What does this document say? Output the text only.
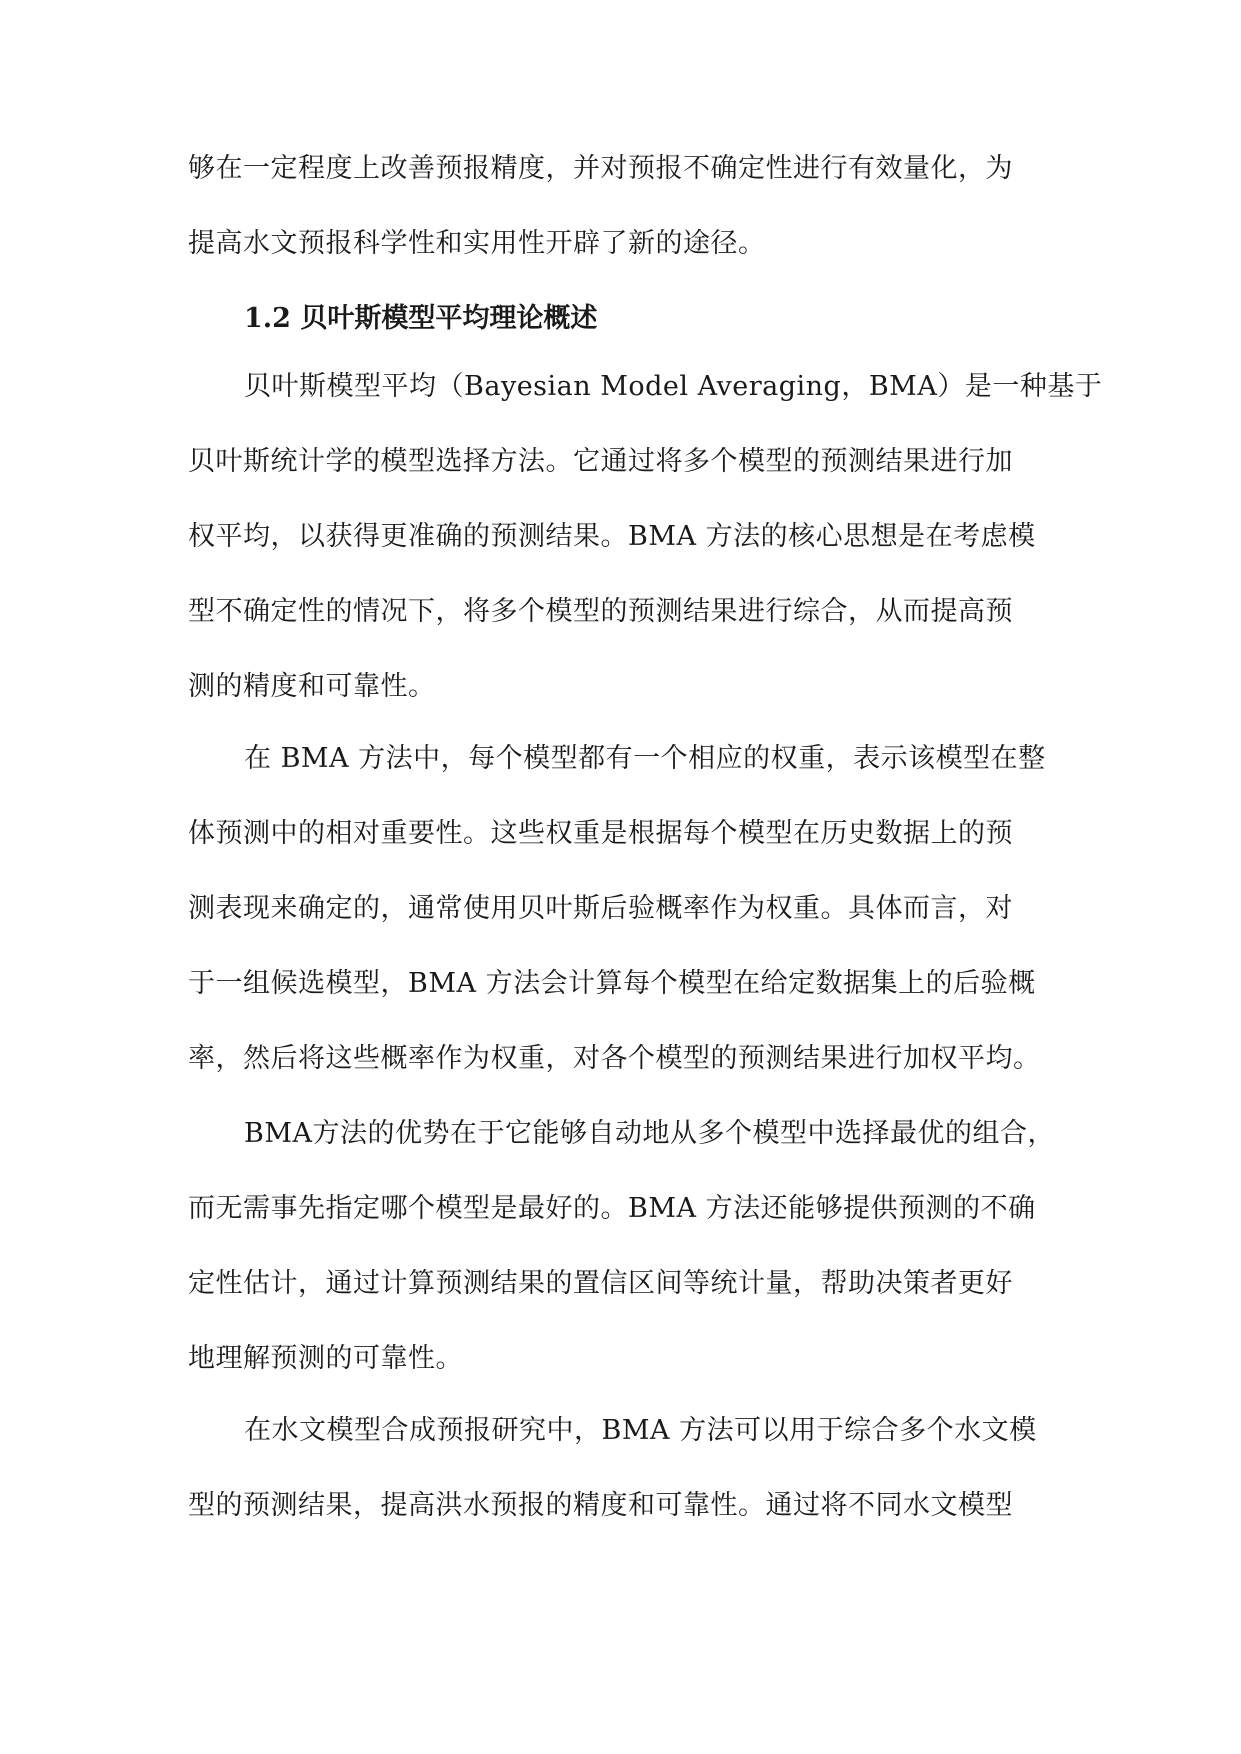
够在一定程度上改善预报精度，并对预报不确定性进行有效量化，为
提高水文预报科学性和实用性开辟了新的途径。
1.2 贝叶斯模型平均理论概述
贝叶斯模型平均（Bayesian Model Averaging，BMA）是一种基于
贝叶斯统计学的模型选择方法。它通过将多个模型的预测结果进行加
权平均，以获得更准确的预测结果。BMA 方法的核心思想是在考虑模
型不确定性的情况下，将多个模型的预测结果进行综合，从而提高预
测的精度和可靠性。
在 BMA 方法中，每个模型都有一个相应的权重，表示该模型在整
体预测中的相对重要性。这些权重是根据每个模型在历史数据上的预
测表现来确定的，通常使用贝叶斯后验概率作为权重。具体而言，对
于一组候选模型，BMA 方法会计算每个模型在给定数据集上的后验概
率，然后将这些概率作为权重，对各个模型的预测结果进行加权平均。
BMA方法的优势在于它能够自动地从多个模型中选择最优的组合，
而无需事先指定哪个模型是最好的。BMA 方法还能够提供预测的不确
定性估计，通过计算预测结果的置信区间等统计量，帮助决策者更好
地理解预测的可靠性。
在水文模型合成预报研究中，BMA 方法可以用于综合多个水文模
型的预测结果，提高洪水预报的精度和可靠性。通过将不同水文模型
